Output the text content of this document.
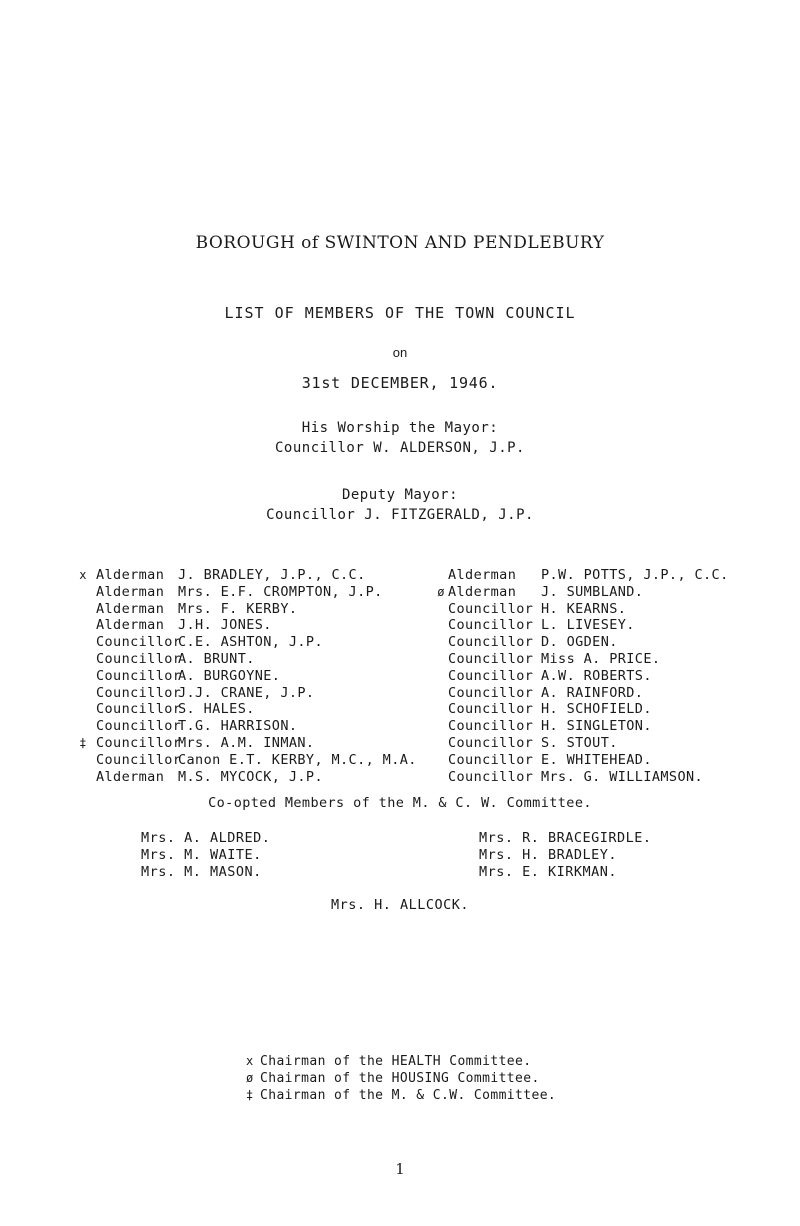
BOROUGH of SWINTON AND PENDLEBURY
LIST OF MEMBERS OF THE TOWN COUNCIL
on
31st DECEMBER, 1946.
His Worship the Mayor:
Councillor W. ALDERSON, J.P.
Deputy Mayor:
Councillor J. FITZGERALD, J.P.
x Alderman J. BRADLEY, J.P., C.C.
Alderman Mrs. E.F. CROMPTON, J.P.
Alderman Mrs. F. KERBY.
Alderman J.H. JONES.
CouncillorC.E. ASHTON, J.P.
CouncillorA. BRUNT.
CouncillorA. BURGOYNE.
CouncillorJ.J. CRANE, J.P.
CouncillorS. HALES.
CouncillorT.G. HARRISON.
‡ CouncillorMrs. A.M. INMAN.
CouncillorCanon E.T. KERBY, M.C., M.A.
Alderman M.S. MYCOCK, J.P.
Alderman P.W. POTTS, J.P., C.C.
ø Alderman J. SUMBLAND.
Councillor H. KEARNS.
Councillor L. LIVESEY.
Councillor D. OGDEN.
Councillor Miss A. PRICE.
Councillor A.W. ROBERTS.
Councillor A. RAINFORD.
Councillor H. SCHOFIELD.
Councillor H. SINGLETON.
Councillor S. STOUT.
Councillor E. WHITEHEAD.
Councillor Mrs. G. WILLIAMSON.
Co-opted Members of the M. & C. W. Committee.
Mrs. A. ALDRED.
Mrs. M. WAITE.
Mrs. M. MASON.
Mrs. R. BRACEGIRDLE.
Mrs. H. BRADLEY.
Mrs. E. KIRKMAN.
Mrs. H. ALLCOCK.
x Chairman of the HEALTH Committee.
ø Chairman of the HOUSING Committee.
‡ Chairman of the M. & C.W. Committee.
1
